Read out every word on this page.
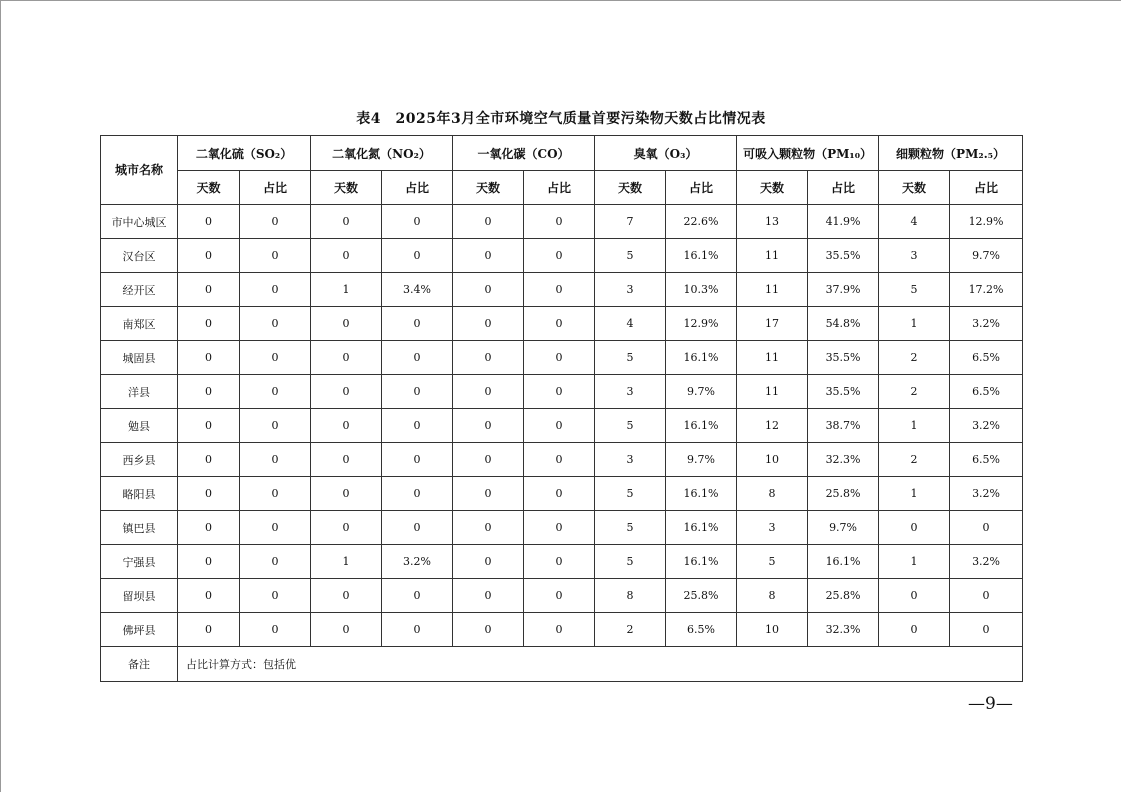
表4　2025年3月全市环境空气质量首要污染物天数占比情况表
城市名称	二氧化硫（SO₂）		二氧化氮（NO₂）		一氧化碳（CO）		臭氧（O₃）		可吸入颗粒物（PM₁₀）		细颗粒物（PM₂.₅）	
	天数	占比	天数	占比	天数	占比	天数	占比	天数	占比	天数	占比
市中心城区	0	0	0	0	0	0	7	22.6%	13	41.9%	4	12.9%
汉台区	0	0	0	0	0	0	5	16.1%	11	35.5%	3	9.7%
经开区	0	0	1	3.4%	0	0	3	10.3%	11	37.9%	5	17.2%
南郑区	0	0	0	0	0	0	4	12.9%	17	54.8%	1	3.2%
城固县	0	0	0	0	0	0	5	16.1%	11	35.5%	2	6.5%
洋县	0	0	0	0	0	0	3	9.7%	11	35.5%	2	6.5%
勉县	0	0	0	0	0	0	5	16.1%	12	38.7%	1	3.2%
西乡县	0	0	0	0	0	0	3	9.7%	10	32.3%	2	6.5%
略阳县	0	0	0	0	0	0	5	16.1%	8	25.8%	1	3.2%
镇巴县	0	0	0	0	0	0	5	16.1%	3	9.7%	0	0
宁强县	0	0	1	3.2%	0	0	5	16.1%	5	16.1%	1	3.2%
留坝县	0	0	0	0	0	0	8	25.8%	8	25.8%	0	0
佛坪县	0	0	0	0	0	0	2	6.5%	10	32.3%	0	0
备注	占比计算方式：包括优											
—9—
